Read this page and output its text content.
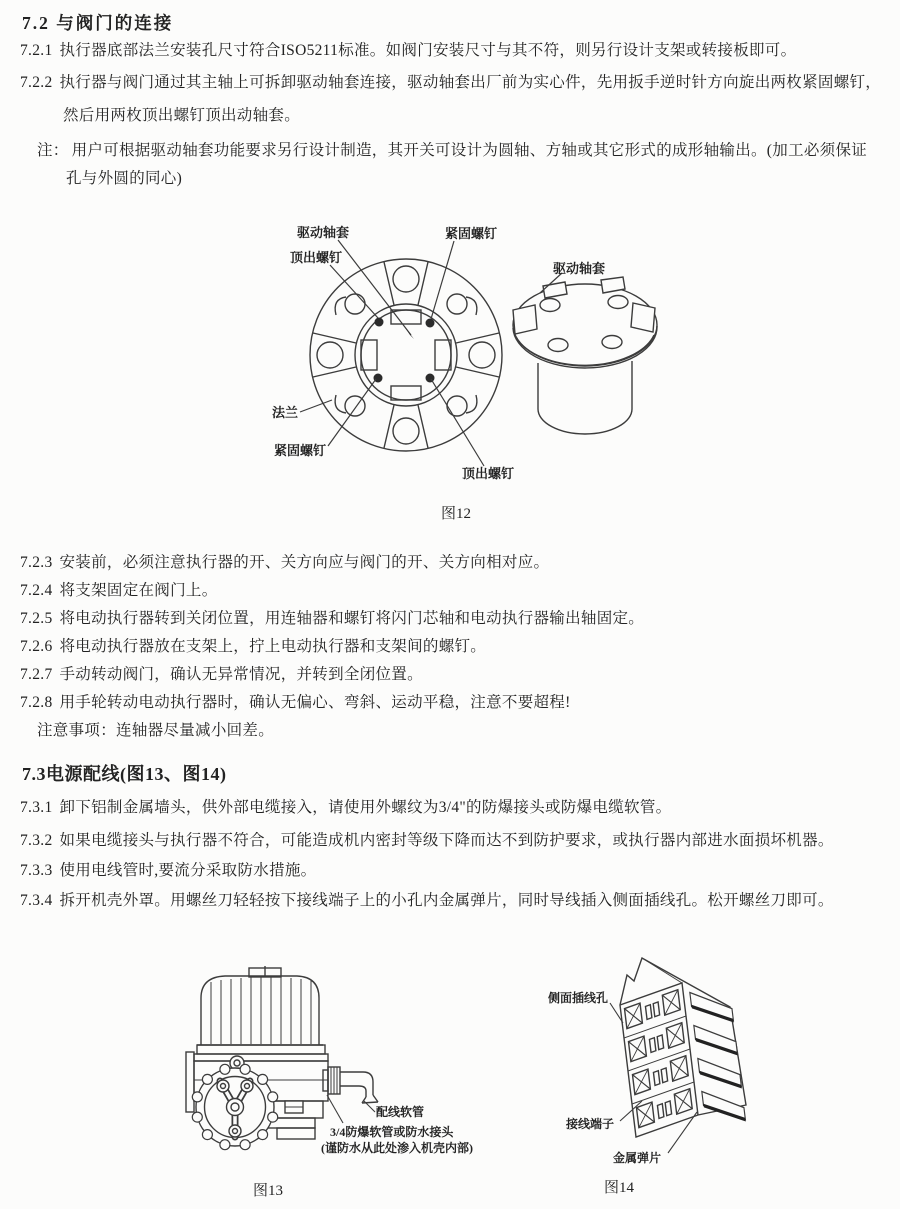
7.2 与阀门的连接
7.2.1 执行器底部法兰安装孔尺寸符合ISO5211标准。如阀门安装尺寸与其不符，则另行设计支架或转接板即可。
7.2.2 执行器与阀门通过其主轴上可拆卸驱动轴套连接，驱动轴套出厂前为实心件，先用扳手逆时针方向旋出两枚紧固螺钉，
然后用两枚顶出螺钉顶出动轴套。
注： 用户可根据驱动轴套功能要求另行设计制造，其开关可设计为圆轴、方轴或其它形式的成形轴输出。(加工必须保证
孔与外圆的同心)
驱动轴套	紧固螺钉
顶出螺钉
法兰
紧固螺钉
顶出螺钉
驱动轴套
图12
7.2.3 安装前，必须注意执行器的开、关方向应与阀门的开、关方向相对应。
7.2.4 将支架固定在阀门上。
7.2.5 将电动执行器转到关闭位置，用连轴器和螺钉将闪门芯轴和电动执行器输出轴固定。
7.2.6 将电动执行器放在支架上，拧上电动执行器和支架间的螺钉。
7.2.7 手动转动阀门，确认无异常情况，并转到全闭位置。
7.2.8 用手轮转动电动执行器时，确认无偏心、弯斜、运动平稳，注意不要超程!
注意事项：连轴器尽量减小回差。
7.3电源配线(图13、图14)
7.3.1 卸下铝制金属墙头，供外部电缆接入，请使用外螺纹为3/4"的防爆接头或防爆电缆软管。
7.3.2 如果电缆接头与执行器不符合，可能造成机内密封等级下降而达不到防护要求，或执行器内部进水面损坏机器。
7.3.3 使用电线管时,要流分采取防水措施。
7.3.4 拆开机壳外罩。用螺丝刀轻轻按下接线端子上的小孔内金属弹片，同时导线插入侧面插线孔。松开螺丝刀即可。
配线软管
3/4防爆软管或防水接头
(谨防水从此处渗入机壳内部)
图13
侧面插线孔
接线端子
金属弹片
图14
